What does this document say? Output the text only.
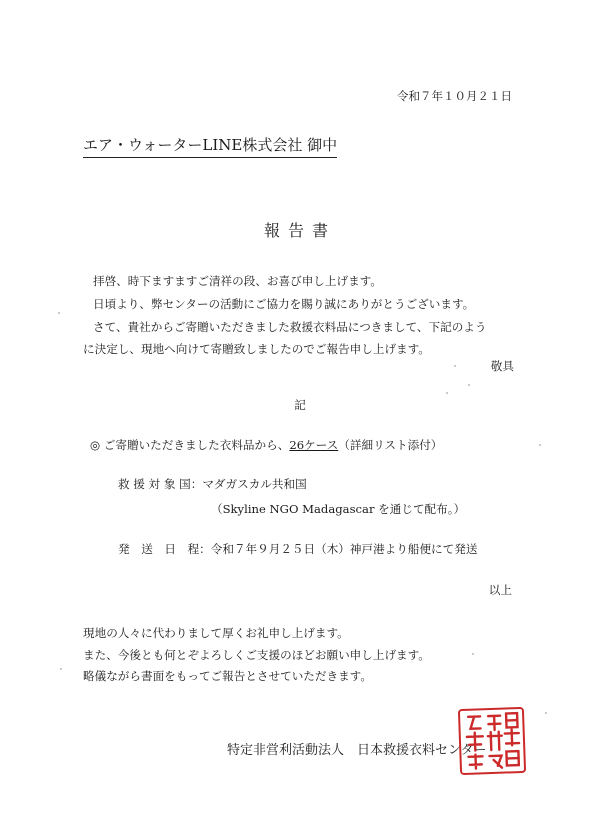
令和７年１０月２１日
エア・ウォーターLINE株式会社 御中
報告書
拝啓、時下ますますご清祥の段、お喜び申し上げます。
日頃より、弊センターの活動にご協力を賜り誠にありがとうございます。
さて、貴社からご寄贈いただきました救援衣料品につきまして、下記のよう
に決定し、現地へ向けて寄贈致しましたのでご報告申し上げます。
敬具
記
◎ ご寄贈いただきました衣料品から、26ケース（詳細リスト添付）
救 援 対 象 国：マダガスカル共和国
（Skyline NGO Madagascar を通じて配布。）
発　送　日　程：令和７年９月２５日（木）神戸港より船便にて発送
以上
現地の人々に代わりまして厚くお礼申し上げます。
また、今後とも何とぞよろしくご支援のほどお願い申し上げます。
略儀ながら書面をもってご報告とさせていただきます。
特定非営利活動法人　日本救援衣料センター
